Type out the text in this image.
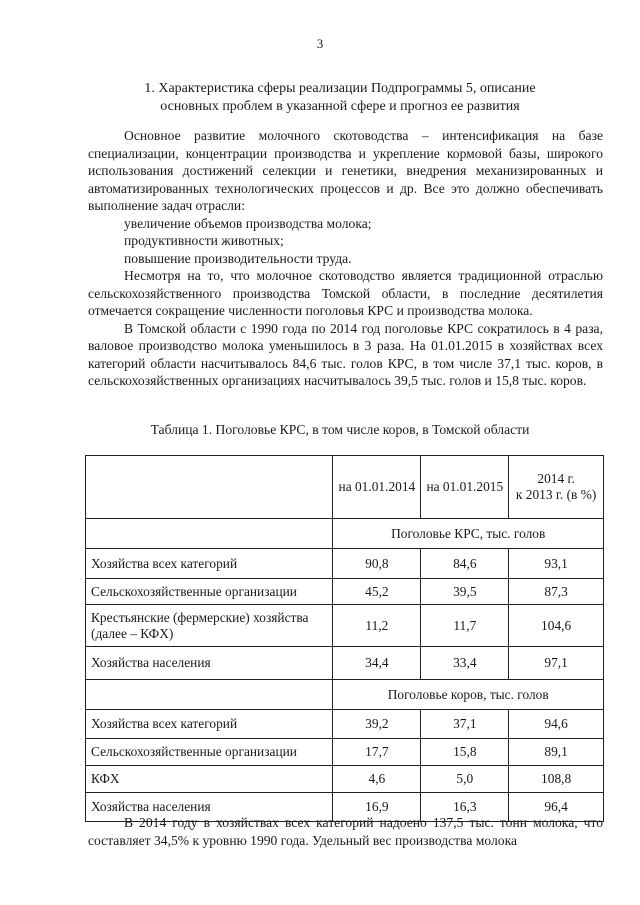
3
1. Характеристика сферы реализации Подпрограммы 5, описание
основных проблем в указанной сфере и прогноз ее развития

Основное развитие молочного скотоводства – интенсификация на базе специализации, концентрации производства и укрепление кормовой базы, широкого использования достижений селекции и генетики, внедрения механизированных и автоматизированных технологических процессов и др. Все это должно обеспечивать выполнение задач отрасли:

увеличение объемов производства молока;

продуктивности животных;

повышение производительности труда.

Несмотря на то, что молочное скотоводство является традиционной отраслью сельскохозяйственного производства Томской области, в последние десятилетия отмечается сокращение численности поголовья КРС и производства молока.

В Томской области с 1990 года по 2014 год поголовье КРС сократилось в 4 раза, валовое производство молока уменьшилось в 3 раза. На 01.01.2015 в хозяйствах всех категорий области насчитывалось 84,6 тыс. голов КРС, в том числе 37,1 тыс. коров, в сельскохозяйственных организациях насчитывалось 39,5 тыс. голов и 15,8 тыс. коров.

Таблица 1. Поголовье КРС, в том числе коров, в Томской области
	на 01.01.2014	на 01.01.2015	2014 г.
к 2013 г. (в %)
	Поголовье КРС, тыс. голов		
Хозяйства всех категорий	90,8	84,6	93,1
Сельскохозяйственные организации	45,2	39,5	87,3
Крестьянские (фермерские) хозяйства (далее – КФХ)	11,2	11,7	104,6
Хозяйства населения	34,4	33,4	97,1
	Поголовье коров, тыс. голов		
Хозяйства всех категорий	39,2	37,1	94,6
Сельскохозяйственные организации	17,7	15,8	89,1
КФХ	4,6	5,0	108,8
Хозяйства населения	16,9	16,3	96,4

В 2014 году в хозяйствах всех категорий надоено 137,5 тыс. тонн молока, что составляет 34,5% к уровню 1990 года. Удельный вес производства молока
